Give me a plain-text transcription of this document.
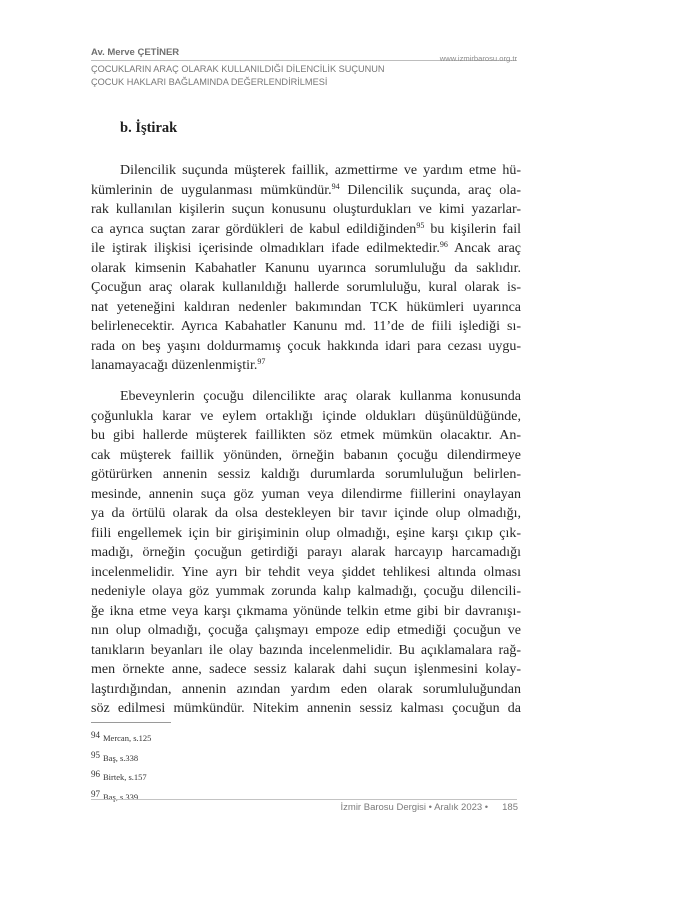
Av. Merve ÇETİNER
www.izmirbarosu.org.tr
ÇOCUKLARIN ARAÇ OLARAK KULLANILDIĞI DİLENCİLİK SUÇUNUN
ÇOCUK HAKLARI BAĞLAMINDA DEĞERLENDİRİLMESİ
b. İştirak
Dilencilik suçunda müşterek faillik, azmettirme ve yardım etme hü-
kümlerinin de uygulanması mümkündür.$^{94}$ Dilencilik suçunda, araç ola-
rak kullanılan kişilerin suçun konusunu oluşturdukları ve kimi yazarlar-
ca ayrıca suçtan zarar gördükleri de kabul edildiğinden$^{95}$ bu kişilerin fail
ile iştirak ilişkisi içerisinde olmadıkları ifade edilmektedir.$^{96}$ Ancak araç
olarak kimsenin Kabahatler Kanunu uyarınca sorumluluğu da saklıdır.
Çocuğun araç olarak kullanıldığı hallerde sorumluluğu, kural olarak is-
nat yeteneğini kaldıran nedenler bakımından TCK hükümleri uyarınca
belirlenecektir. Ayrıca Kabahatler Kanunu md. 11’de de fiili işlediği sı-
rada on beş yaşını doldurmamış çocuk hakkında idari para cezası uygu-
lanamayacağı düzenlenmiştir.$^{97}$
Ebeveynlerin çocuğu dilencilikte araç olarak kullanma konusunda
çoğunlukla karar ve eylem ortaklığı içinde oldukları düşünüldüğünde,
bu gibi hallerde müşterek faillikten söz etmek mümkün olacaktır. An-
cak müşterek faillik yönünden, örneğin babanın çocuğu dilendirmeye
götürürken annenin sessiz kaldığı durumlarda sorumluluğun belirlen-
mesinde, annenin suça göz yuman veya dilendirme fiillerini onaylayan
ya da örtülü olarak da olsa destekleyen bir tavır içinde olup olmadığı,
fiili engellemek için bir girişiminin olup olmadığı, eşine karşı çıkıp çık-
madığı, örneğin çocuğun getirdiği parayı alarak harcayıp harcamadığı
incelenmelidir. Yine ayrı bir tehdit veya şiddet tehlikesi altında olması
nedeniyle olaya göz yummak zorunda kalıp kalmadığı, çocuğu dilencili-
ğe ikna etme veya karşı çıkmama yönünde telkin etme gibi bir davranışı-
nın olup olmadığı, çocuğa çalışmayı empoze edip etmediği çocuğun ve
tanıkların beyanları ile olay bazında incelenmelidir. Bu açıklamalara rağ-
men örnekte anne, sadece sessiz kalarak dahi suçun işlenmesini kolay-
laştırdığından, annenin azından yardım eden olarak sorumluluğundan
söz edilmesi mümkündür. Nitekim annenin sessiz kalması çocuğun da
94 Mercan, s.125
95 Baş, s.338
96 Birtek, s.157
97 Baş, s.339
İzmir Barosu Dergisi • Aralık 2023 • 185
